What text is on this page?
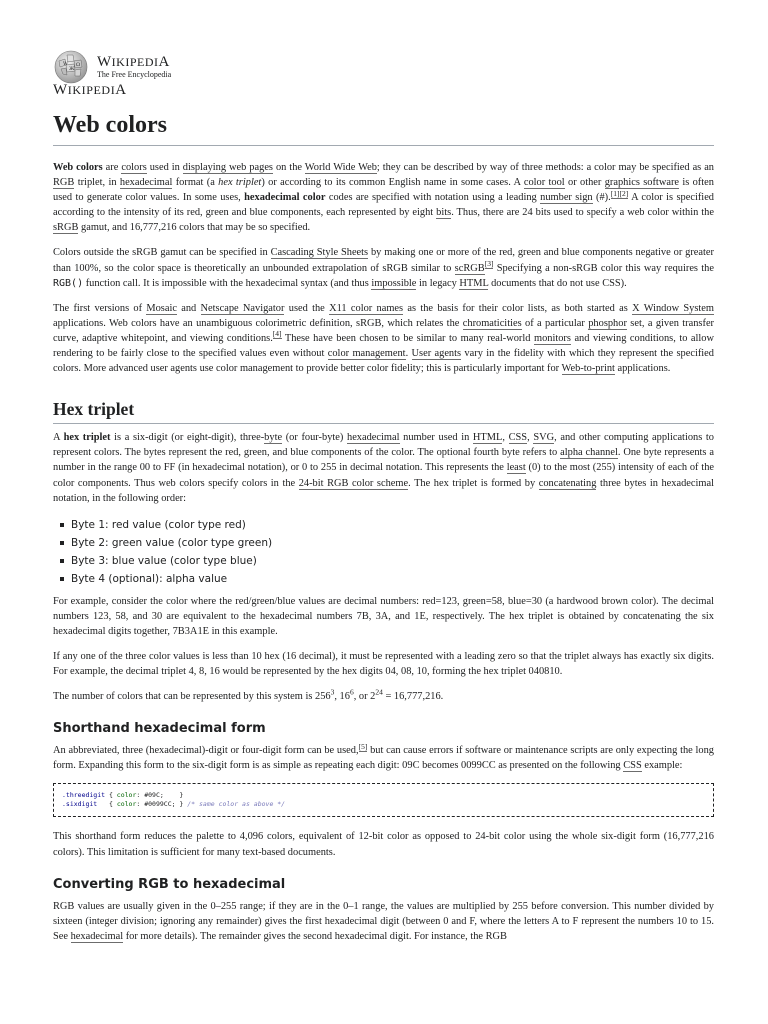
W Ω
Ж WIKIPEDIA
The Free Encyclopedia
WIKIPEDIA
Web colors

Web colors are colors used in displaying web pages on the World Wide Web; they can be described by way of three methods: a color may be specified as an RGB triplet, in hexadecimal format (a hex triplet) or according to its common English name in some cases. A color tool or other graphics software is often used to generate color values. In some uses, hexadecimal color codes are specified with notation using a leading number sign (#).[1][2] A color is specified according to the intensity of its red, green and blue components, each represented by eight bits. Thus, there are 24 bits used to specify a web color within the sRGB gamut, and 16,777,216 colors that may be so specified.

Colors outside the sRGB gamut can be specified in Cascading Style Sheets by making one or more of the red, green and blue components negative or greater than 100%, so the color space is theoretically an unbounded extrapolation of sRGB similar to scRGB[3] Specifying a non-sRGB color this way requires the RGB() function call. It is impossible with the hexadecimal syntax (and thus impossible in legacy HTML documents that do not use CSS).

The first versions of Mosaic and Netscape Navigator used the X11 color names as the basis for their color lists, as both started as X Window System applications. Web colors have an unambiguous colorimetric definition, sRGB, which relates the chromaticities of a particular phosphor set, a given transfer curve, adaptive whitepoint, and viewing conditions.[4] These have been chosen to be similar to many real-world monitors and viewing conditions, to allow rendering to be fairly close to the specified values even without color management. User agents vary in the fidelity with which they represent the specified colors. More advanced user agents use color management to provide better color fidelity; this is particularly important for Web-to-print applications.

Hex triplet

A hex triplet is a six-digit (or eight-digit), three-byte (or four-byte) hexadecimal number used in HTML, CSS, SVG, and other computing applications to represent colors. The bytes represent the red, green, and blue components of the color. The optional fourth byte refers to alpha channel. One byte represents a number in the range 00 to FF (in hexadecimal notation), or 0 to 255 in decimal notation. This represents the least (0) to the most (255) intensity of each of the color components. Thus web colors specify colors in the 24-bit RGB color scheme. The hex triplet is formed by concatenating three bytes in hexadecimal notation, in the following order:

Byte 1: red value (color type red)
Byte 2: green value (color type green)
Byte 3: blue value (color type blue)
Byte 4 (optional): alpha value

For example, consider the color where the red/green/blue values are decimal numbers: red=123, green=58, blue=30 (a hardwood brown color). The decimal numbers 123, 58, and 30 are equivalent to the hexadecimal numbers 7B, 3A, and 1E, respectively. The hex triplet is obtained by concatenating the six hexadecimal digits together, 7B3A1E in this example.

If any one of the three color values is less than 10 hex (16 decimal), it must be represented with a leading zero so that the triplet always has exactly six digits. For example, the decimal triplet 4, 8, 16 would be represented by the hex digits 04, 08, 10, forming the hex triplet 040810.

The number of colors that can be represented by this system is $256^3$, $16^6$, or $2^{24} = 16,777,216$.

Shorthand hexadecimal form

An abbreviated, three (hexadecimal)-digit or four-digit form can be used,[5] but can cause errors if software or maintenance scripts are only expecting the long form. Expanding this form to the six-digit form is as simple as repeating each digit: 09C becomes 0099CC as presented on the following CSS example:

.threedigit { color: #09C;    }
.sixdigit   { color: #0099CC; } /* same color as above */

This shorthand form reduces the palette to 4,096 colors, equivalent of 12-bit color as opposed to 24-bit color using the whole six-digit form (16,777,216 colors). This limitation is sufficient for many text-based documents.

Converting RGB to hexadecimal

RGB values are usually given in the 0–255 range; if they are in the 0–1 range, the values are multiplied by 255 before conversion. This number divided by sixteen (integer division; ignoring any remainder) gives the first hexadecimal digit (between 0 and F, where the letters A to F represent the numbers 10 to 15. See hexadecimal for more details). The remainder gives the second hexadecimal digit. For instance, the RGB
